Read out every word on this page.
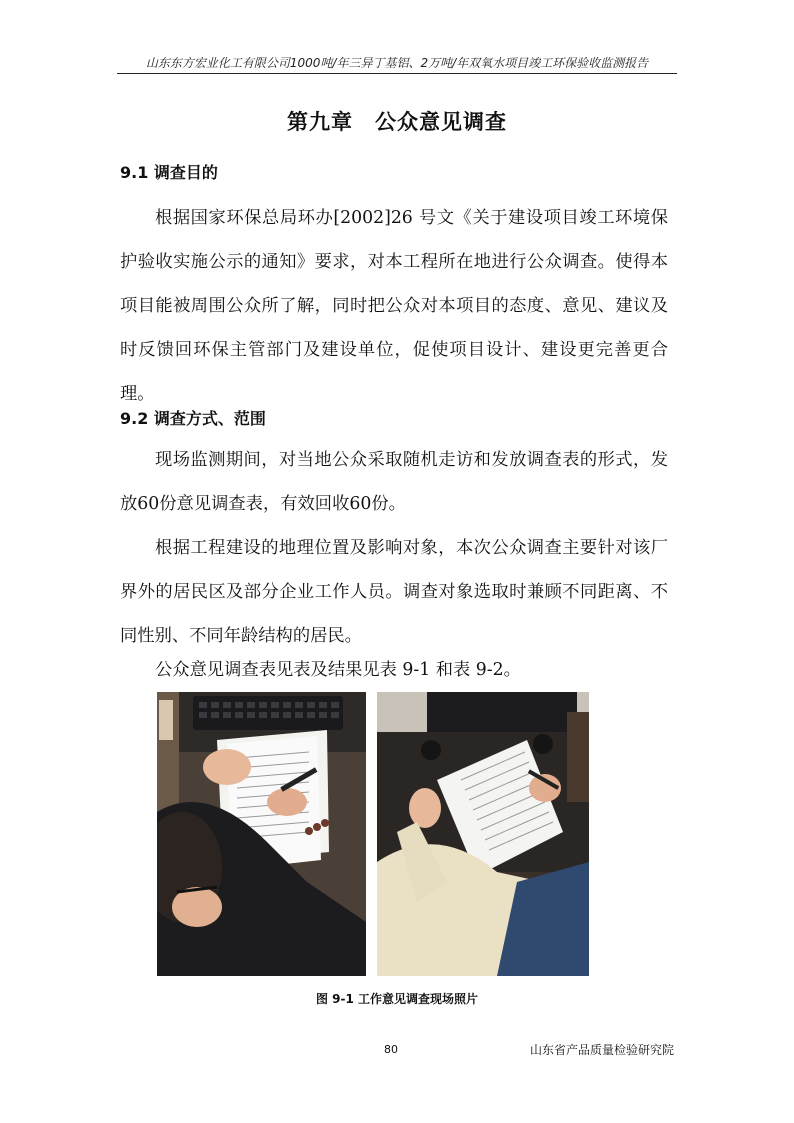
山东东方宏业化工有限公司1000吨/年三异丁基铝、2万吨/年双氧水项目竣工环保验收监测报告
第九章　公众意见调查
9.1 调查目的

根据国家环保总局环办[2002]26 号文《关于建设项目竣工环境保护验收实施公示的通知》要求，对本工程所在地进行公众调查。使得本项目能被周围公众所了解，同时把公众对本项目的态度、意见、建议及时反馈回环保主管部门及建设单位，促使项目设计、建设更完善更合理。

9.2 调查方式、范围

现场监测期间，对当地公众采取随机走访和发放调查表的形式，发放60份意见调查表，有效回收60份。

根据工程建设的地理位置及影响对象，本次公众调查主要针对该厂界外的居民区及部分企业工作人员。调查对象选取时兼顾不同距离、不同性别、不同年龄结构的居民。

公众意见调查表见表及结果见表 9-1 和表 9-2。

图 9-1 工作意见调查现场照片
80	山东省产品质量检验研究院
